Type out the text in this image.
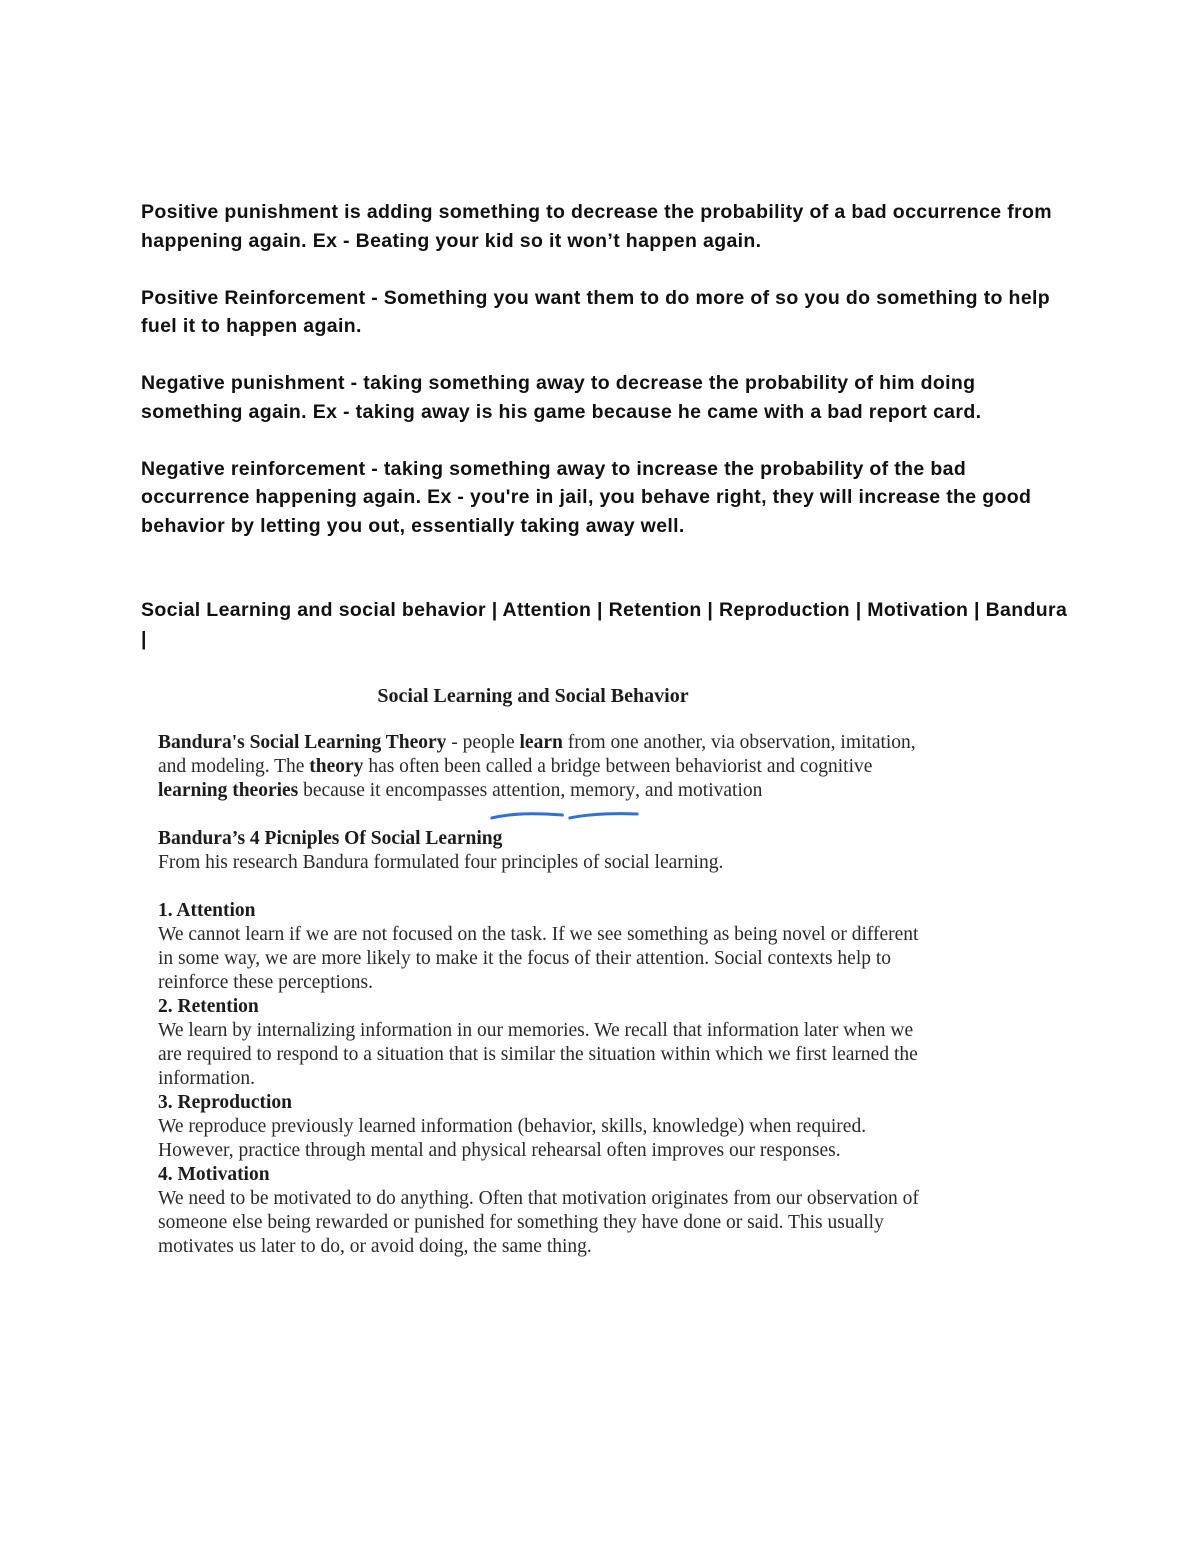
Positive punishment is adding something to decrease the probability of a bad occurrence from happening again. Ex - Beating your kid so it won’t happen again.

Positive Reinforcement - Something you want them to do more of so you do something to help fuel it to happen again.

Negative punishment - taking something away to decrease the probability of him doing something again. Ex - taking away is his game because he came with a bad report card.

Negative reinforcement - taking something away to increase the probability of the bad occurrence happening again. Ex - you're in jail, you behave right, they will increase the good behavior by letting you out, essentially taking away well.

Social Learning and social behavior | Attention | Retention | Reproduction | Motivation | Bandura |

Social Learning and Social Behavior

Bandura's Social Learning Theory - people learn from one another, via observation, imitation, and modeling. The theory has often been called a bridge between behaviorist and cognitive learning theories because it encompasses attention
, memory
, and motivation

Bandura’s 4 Picniples Of Social Learning

From his research Bandura formulated four principles of social learning.

1. Attention

We cannot learn if we are not focused on the task. If we see something as being novel or different in some way, we are more likely to make it the focus of their attention. Social contexts help to reinforce these perceptions.

2. Retention

We learn by internalizing information in our memories. We recall that information later when we are required to respond to a situation that is similar the situation within which we first learned the information.

3. Reproduction

We reproduce previously learned information (behavior, skills, knowledge) when required. However, practice through mental and physical rehearsal often improves our responses.

4. Motivation

We need to be motivated to do anything. Often that motivation originates from our observation of someone else being rewarded or punished for something they have done or said. This usually motivates us later to do, or avoid doing, the same thing.
